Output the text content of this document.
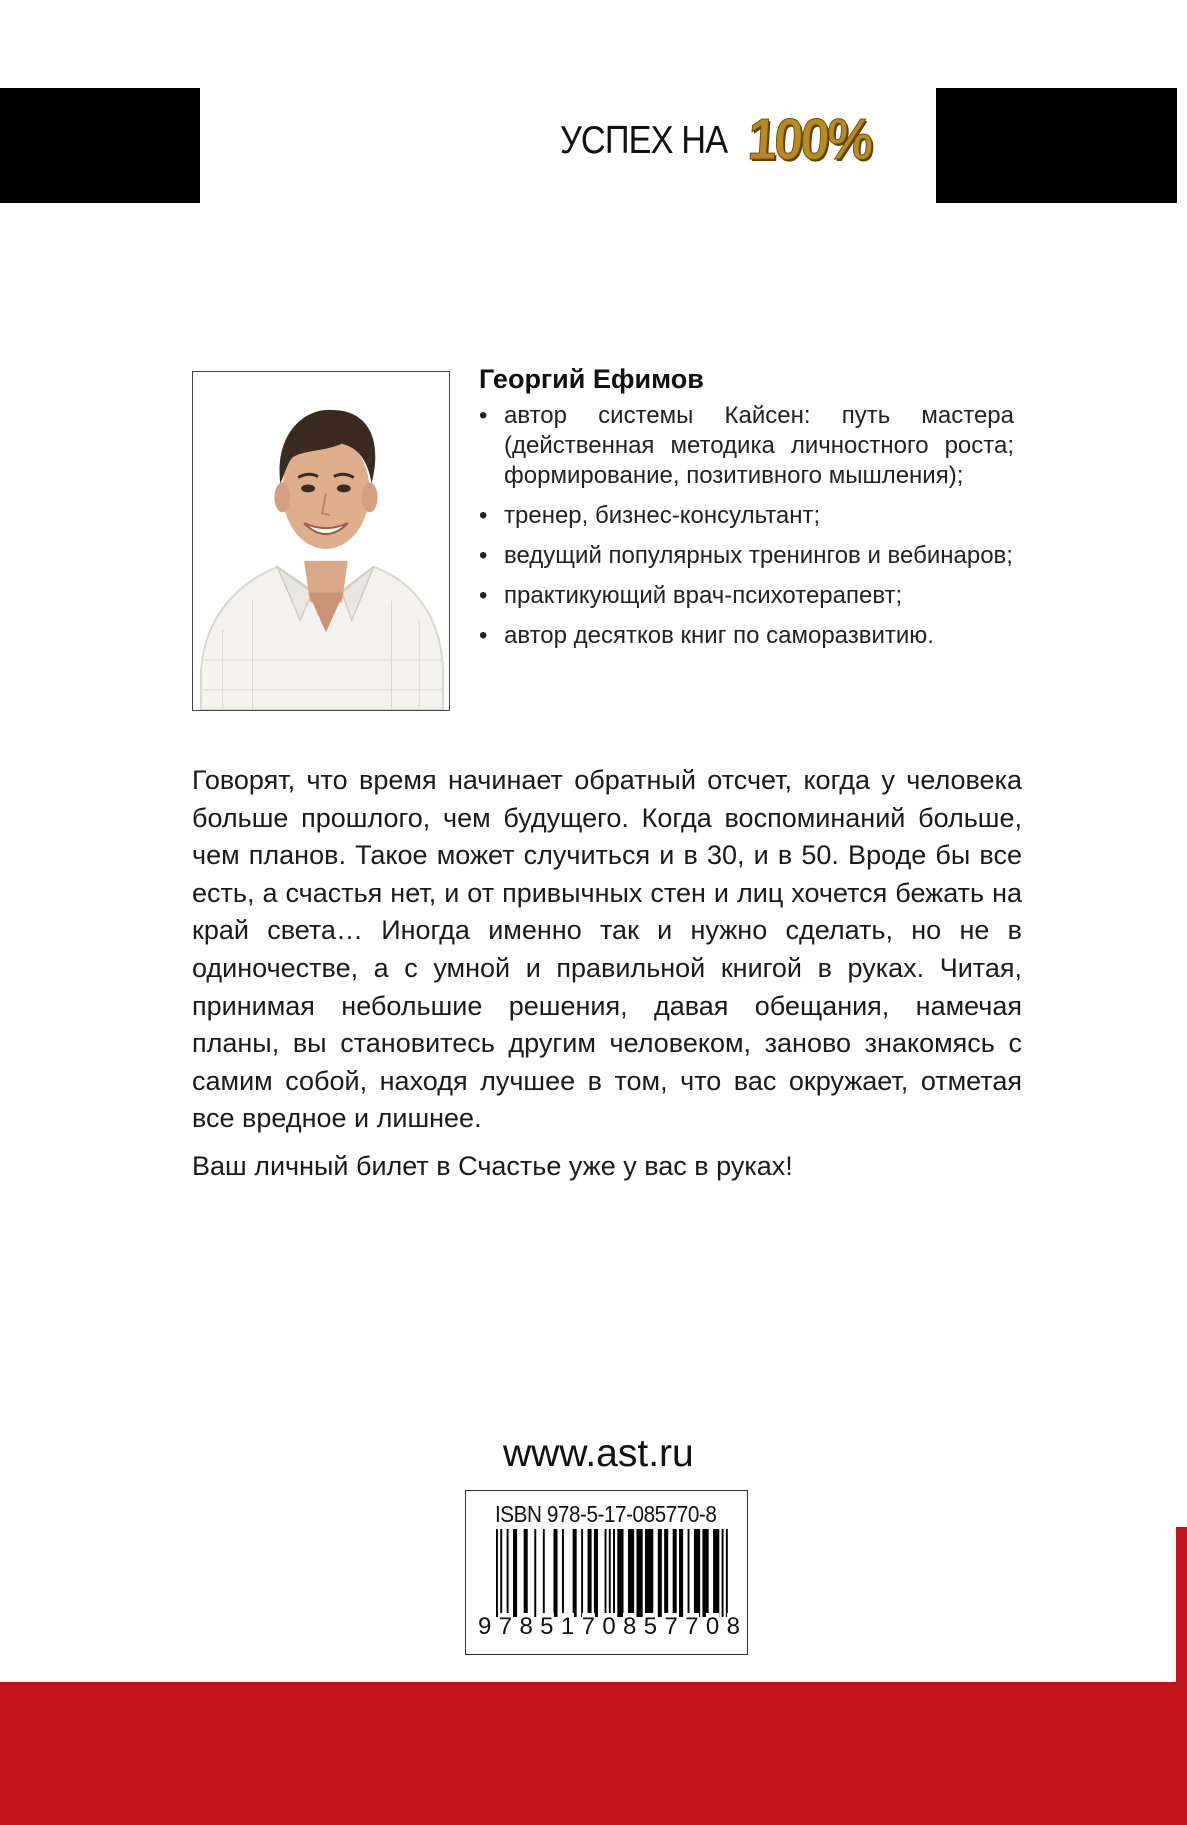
УСПЕХ НА 100%

Георгий Ефимов

• автор системы Кайсен: путь мастера (действенная методика личностного роста; формирование, позитивного мышления);
• тренер, бизнес-консультант;
• ведущий популярных тренингов и вебинаров;
• практикующий врач-психотерапевт;
• автор десятков книг по саморазвитию.

Говорят, что время начинает обратный отсчет, когда у человека больше прошлого, чем будущего. Когда воспоминаний больше, чем планов. Такое может случиться и в 30, и в 50. Вроде бы все есть, а счастья нет, и от привычных стен и лиц хочется бежать на край света… Иногда именно так и нужно сделать, но не в одиночестве, а с умной и правильной книгой в руках. Читая, принимая небольшие решения, давая обещания, намечая планы, вы становитесь другим человеком, заново знакомясь с самим собой, находя лучшее в том, что вас окружает, отметая все вредное и лишнее.

Ваш личный билет в Счастье уже у вас в руках!

www.ast.ru
ISBN 978-5-17-085770-8
9 7 8 5 1 7 0 8 5 7 7 0 8
